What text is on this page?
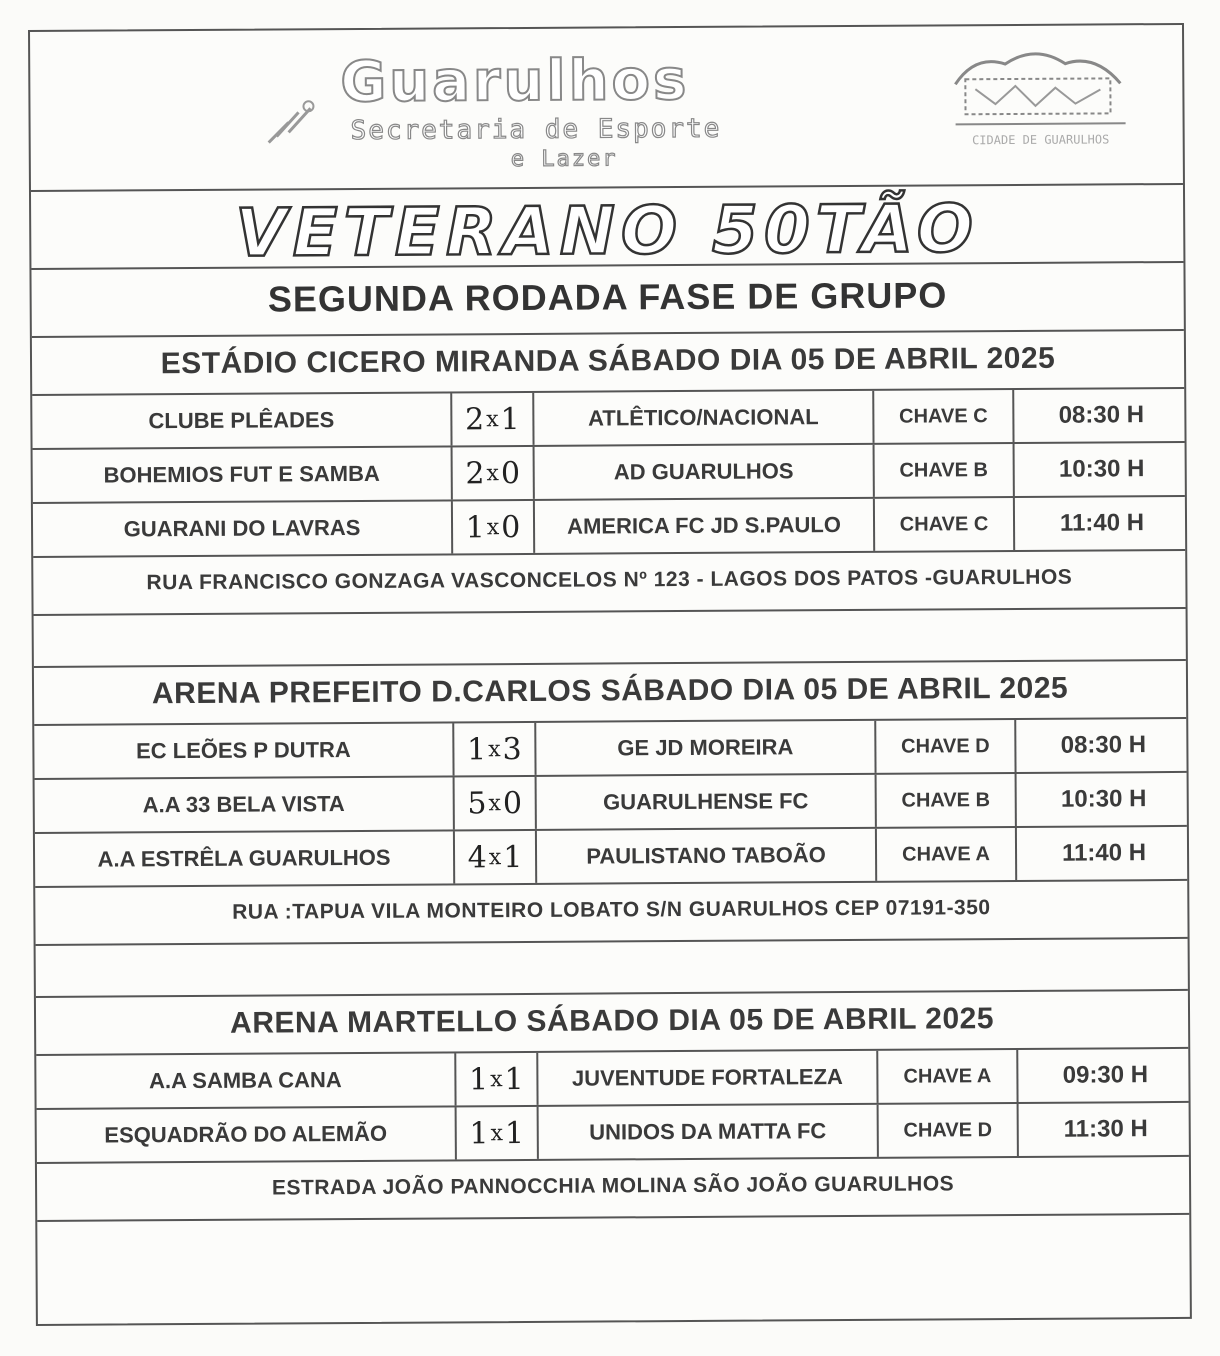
Guarulhos
Secretaria de Esporte
e Lazer
CIDADE DE GUARULHOS
VETERANO 50TÃO
SEGUNDA RODADA FASE DE GRUPO
ESTÁDIO CICERO MIRANDA SÁBADO DIA 05 DE ABRIL 2025
CLUBE PLÊADES	2 x 1	ATLÊTICO/NACIONAL	CHAVE C	08:30 H
BOHEMIOS FUT E SAMBA	2 x 0	AD GUARULHOS	CHAVE B	10:30 H
GUARANI DO LAVRAS	1 x 0	AMERICA FC JD S.PAULO	CHAVE C	11:40 H
RUA FRANCISCO GONZAGA VASCONCELOS Nº 123 - LAGOS DOS PATOS -GUARULHOS
ARENA PREFEITO D.CARLOS SÁBADO DIA 05 DE ABRIL 2025
EC LEÕES P DUTRA	1 x 3	GE JD MOREIRA	CHAVE D	08:30 H
A.A 33 BELA VISTA	5 x 0	GUARULHENSE FC	CHAVE B	10:30 H
A.A ESTRÊLA GUARULHOS	4 x 1	PAULISTANO TABOÃO	CHAVE A	11:40 H
RUA :TAPUA VILA MONTEIRO LOBATO S/N GUARULHOS CEP 07191-350
ARENA MARTELLO SÁBADO DIA 05 DE ABRIL 2025
A.A SAMBA CANA	1 x 1	JUVENTUDE FORTALEZA	CHAVE A	09:30 H
ESQUADRÃO DO ALEMÃO	1 x 1	UNIDOS DA MATTA FC	CHAVE D	11:30 H
ESTRADA JOÃO PANNOCCHIA MOLINA SÃO JOÃO GUARULHOS
